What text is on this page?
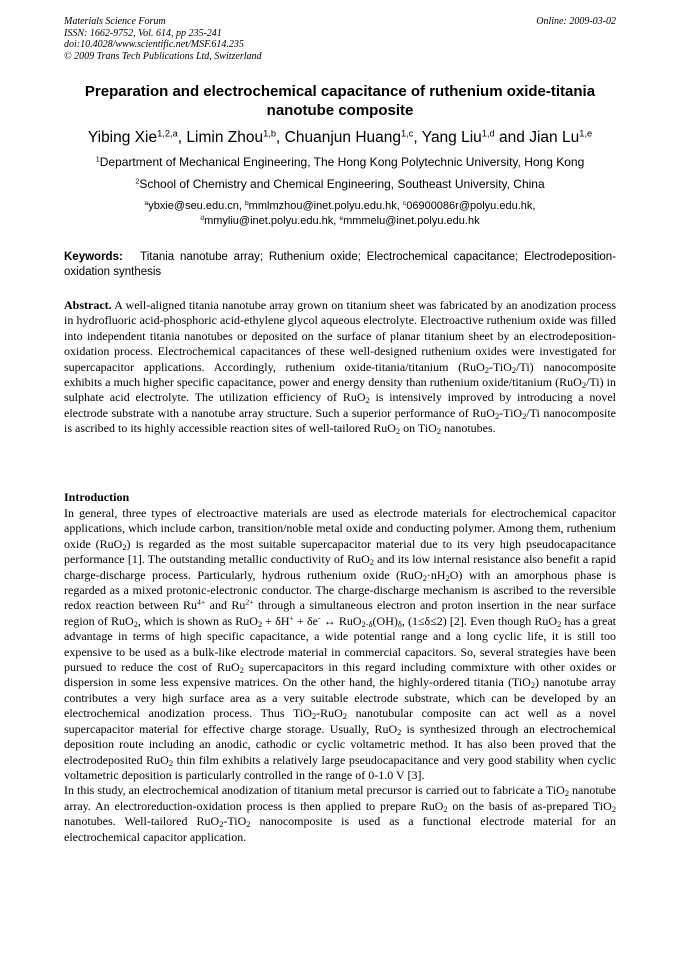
Materials Science Forum
ISSN: 1662-9752, Vol. 614, pp 235-241
doi:10.4028/www.scientific.net/MSF.614.235
© 2009 Trans Tech Publications Ltd, Switzerland
Online: 2009-03-02
Preparation and electrochemical capacitance of ruthenium oxide-titania nanotube composite
Yibing Xie$^{1,2,a}$, Limin Zhou$^{1,b}$, Chuanjun Huang$^{1,c}$, Yang Liu$^{1,d}$ and Jian Lu$^{1,e}$
$^1$Department of Mechanical Engineering, The Hong Kong Polytechnic University, Hong Kong
$^2$School of Chemistry and Chemical Engineering, Southeast University, China
$^a$ybxie@seu.edu.cn, $^b$mmlmzhou@inet.polyu.edu.hk, $^c$06900086r@polyu.edu.hk,
$^d$mmyliu@inet.polyu.edu.hk, $^e$mmmelu@inet.polyu.edu.hk
Keywords: Titania nanotube array; Ruthenium oxide; Electrochemical capacitance; Electrodeposition-oxidation synthesis
Abstract. A well-aligned titania nanotube array grown on titanium sheet was fabricated by an anodization process in hydrofluoric acid-phosphoric acid-ethylene glycol aqueous electrolyte. Electroactive ruthenium oxide was filled into independent titania nanotubes or deposited on the surface of planar titanium sheet by an electrodeposition-oxidation process. Electrochemical capacitances of these well-designed ruthenium oxides were investigated for supercapacitor applications. Accordingly, ruthenium oxide-titania/titanium (RuO$_2$-TiO$_2$/Ti) nanocomposite exhibits a much higher specific capacitance, power and energy density than ruthenium oxide/titanium (RuO$_2$/Ti) in sulphate acid electrolyte. The utilization efficiency of RuO$_2$ is intensively improved by introducing a novel electrode substrate with a nanotube array structure. Such a superior performance of RuO$_2$-TiO$_2$/Ti nanocomposite is ascribed to its highly accessible reaction sites of well-tailored RuO$_2$ on TiO$_2$ nanotubes.
Introduction

In general, three types of electroactive materials are used as electrode materials for electrochemical capacitor applications, which include carbon, transition/noble metal oxide and conducting polymer. Among them, ruthenium oxide (RuO$_2$) is regarded as the most suitable supercapacitor material due to its very high pseudocapacitance performance [1]. The outstanding metallic conductivity of RuO$_2$ and its low internal resistance also benefit a rapid charge-discharge process. Particularly, hydrous ruthenium oxide $(RuO_2\cdot nH_2O)$ with an amorphous phase is regarded as a mixed protonic-electronic conductor. The charge-discharge mechanism is ascribed to the reversible redox reaction between $Ru^{4+}$ and $Ru^{2+}$ through a simultaneous electron and proton insertion in the near surface region of RuO$_2$, which is shown as RuO$_2$ + δH+ + δe- ↔ $RuO_{2-\delta}(OH)_\delta$, (1≤δ≤2) [2]. Even though RuO$_2$ has a great advantage in terms of high specific capacitance, a wide potential range and a long cyclic life, it is still too expensive to be used as a bulk-like electrode material in commercial capacitors. So, several strategies have been pursued to reduce the cost of RuO$_2$ supercapacitors in this regard including commixture with other oxides or dispersion in some less expensive matrices. On the other hand, the highly-ordered titania (TiO$_2$) nanotube array contributes a very high surface area as a very suitable electrode substrate, which can be developed by an electrochemical anodization process. Thus TiO$_2$-RuO$_2$ nanotubular composite can act well as a novel supercapacitor material for effective charge storage. Usually, RuO$_2$ is synthesized through an electrochemical deposition route including an anodic, cathodic or cyclic voltametric method. It has also been proved that the electrodeposited RuO$_2$ thin film exhibits a relatively large pseudocapacitance and very good stability when cyclic voltametric deposition is particularly controlled in the range of 0-1.0 V [3].

In this study, an electrochemical anodization of titanium metal precursor is carried out to fabricate a TiO$_2$ nanotube array. An electroreduction-oxidation process is then applied to prepare RuO$_2$ on the basis of as-prepared TiO$_2$ nanotubes. Well-tailored RuO$_2$-TiO$_2$ nanocomposite is used as a functional electrode material for an electrochemical capacitor application.
